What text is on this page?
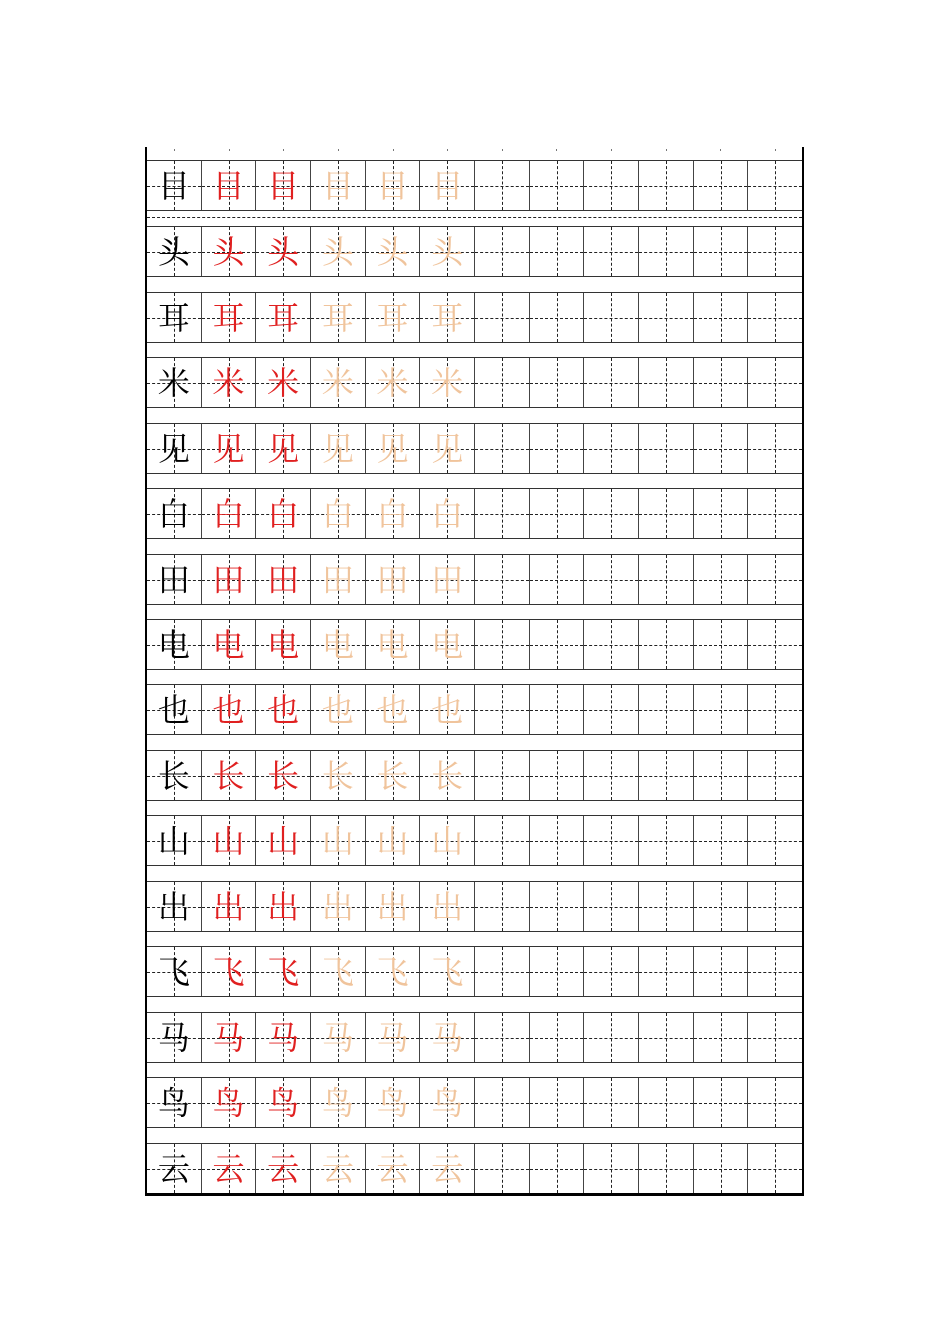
目 目 目 目 目 目
头 头 头 头 头 头
耳 耳 耳 耳 耳 耳
米 米 米 米 米 米
见 见 见 见 见 见
白 白 白 白 白 白
田 田 田 田 田 田
电 电 电 电 电 电
也 也 也 也 也 也
长 长 长 长 长 长
山 山 山 山 山 山
出 出 出 出 出 出
飞 飞 飞 飞 飞 飞
马 马 马 马 马 马
鸟 鸟 鸟 鸟 鸟 鸟
云 云 云 云 云 云
